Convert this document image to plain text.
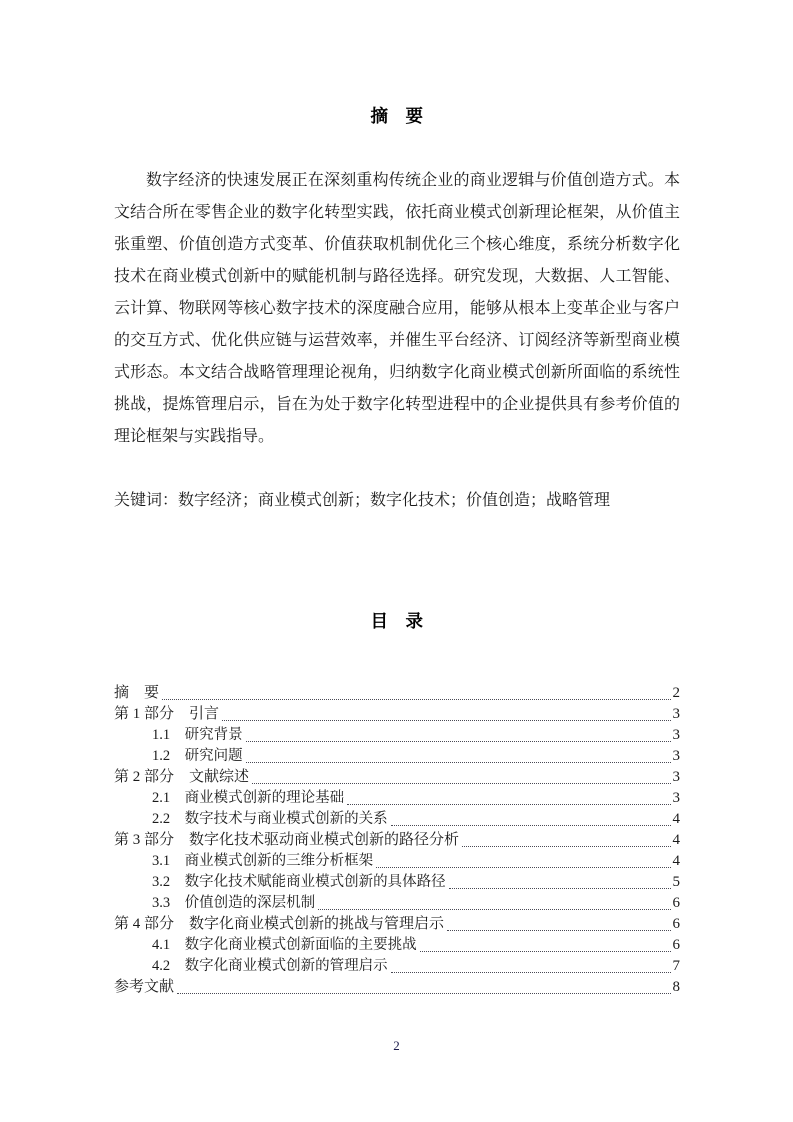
摘 要

数字经济的快速发展正在深刻重构传统企业的商业逻辑与价值创造方式。本文结合所在零售企业的数字化转型实践，依托商业模式创新理论框架，从价值主张重塑、价值创造方式变革、价值获取机制优化三个核心维度，系统分析数字化技术在商业模式创新中的赋能机制与路径选择。研究发现，大数据、人工智能、云计算、物联网等核心数字技术的深度融合应用，能够从根本上变革企业与客户的交互方式、优化供应链与运营效率，并催生平台经济、订阅经济等新型商业模式形态。本文结合战略管理理论视角，归纳数字化商业模式创新所面临的系统性挑战，提炼管理启示，旨在为处于数字化转型进程中的企业提供具有参考价值的理论框架与实践指导。

关键词：数字经济；商业模式创新；数字化技术；价值创造；战略管理

目 录
摘　要	2
第 1 部分　引言	3
1.1　研究背景	3
1.2　研究问题	3
第 2 部分　文献综述	3
2.1　商业模式创新的理论基础	3
2.2　数字技术与商业模式创新的关系	4
第 3 部分　数字化技术驱动商业模式创新的路径分析	4
3.1　商业模式创新的三维分析框架	4
3.2　数字化技术赋能商业模式创新的具体路径	5
3.3　价值创造的深层机制	6
第 4 部分　数字化商业模式创新的挑战与管理启示	6
4.1　数字化商业模式创新面临的主要挑战	6
4.2　数字化商业模式创新的管理启示	7
参考文献	8
2
